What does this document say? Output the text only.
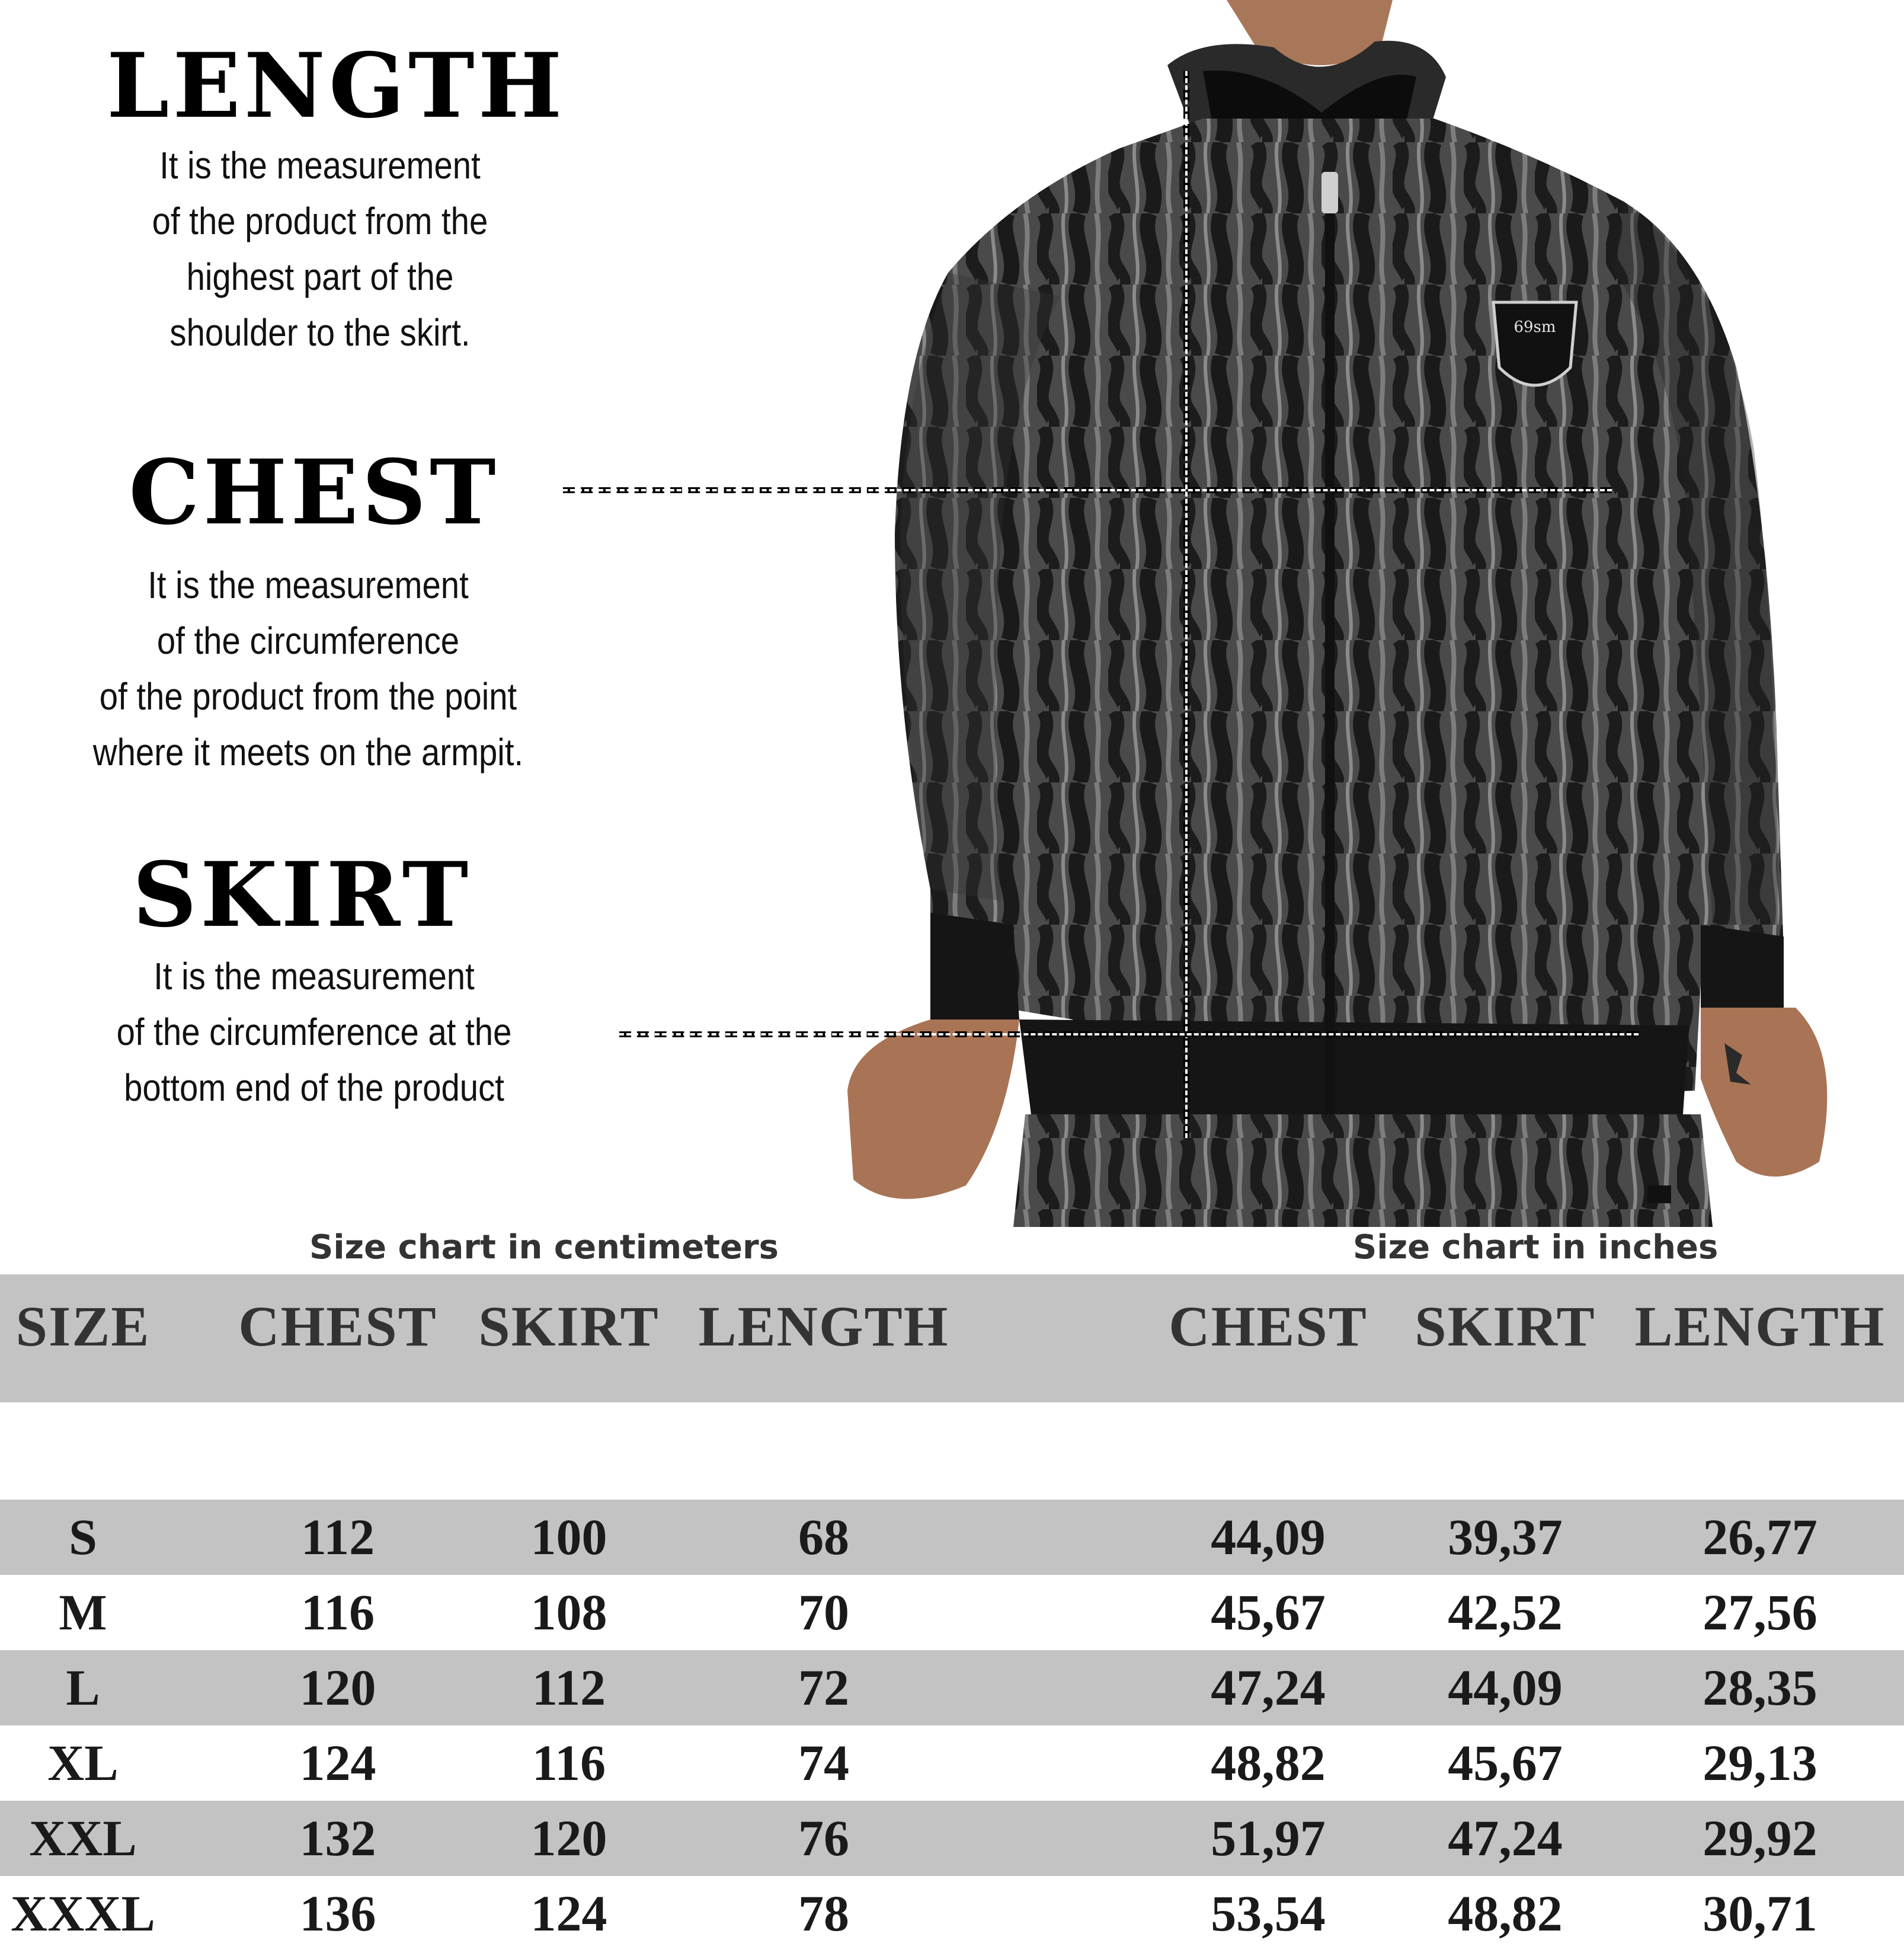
LENGTH
It is the measurement
of the product from the
highest part of the
shoulder to the skirt.
CHEST
It is the measurement
of the circumference
of the product from the point
where it meets on the armpit.
SKIRT
It is the measurement
of the circumference at the
bottom end of the product
69sm
Size chart in centimeters	Size chart in inches
SIZE CHEST SKIRT LENGTH	CHEST SKIRT LENGTH
S	112	100	68	44,09	39,37	26,77
M	116	108	70	45,67	42,52	27,56
L	120	112	72	47,24	44,09	28,35
XL	124	116	74	48,82	45,67	29,13
XXL	132	120	76	51,97	47,24	29,92
XXXL	136	124	78	53,54	48,82	30,71
